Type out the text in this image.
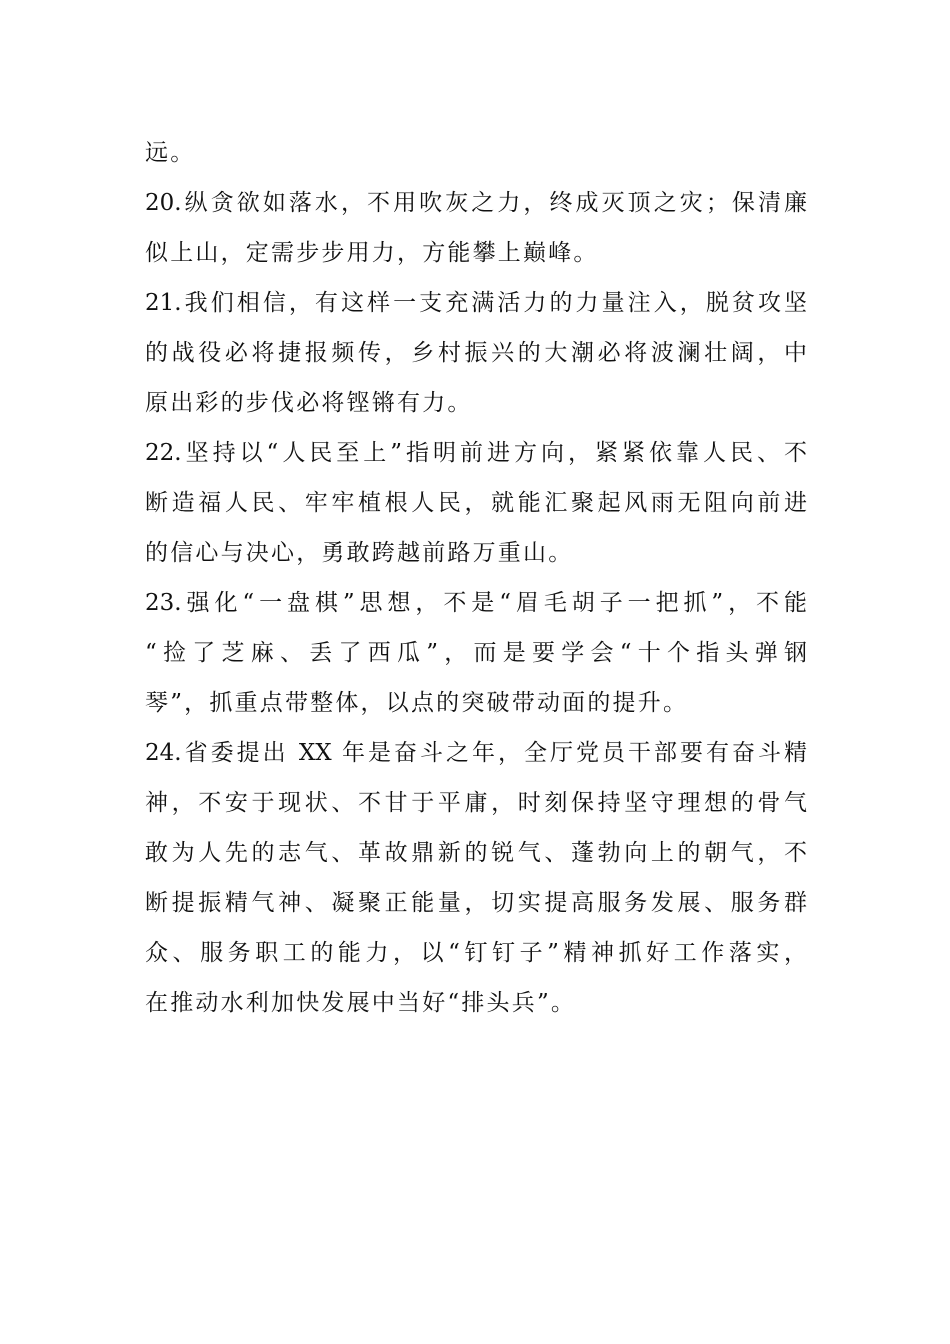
远。
20.纵贪欲如落水，不用吹灰之力，终成灭顶之灾；保清廉
似上山，定需步步用力，方能攀上巅峰。
21.我们相信，有这样一支充满活力的力量注入，脱贫攻坚
的战役必将捷报频传，乡村振兴的大潮必将波澜壮阔，中
原出彩的步伐必将铿锵有力。
22.坚持以“人民至上”指明前进方向，紧紧依靠人民、不
断造福人民、牢牢植根人民，就能汇聚起风雨无阻向前进
的信心与决心，勇敢跨越前路万重山。
23.强化“一盘棋”思想，不是“眉毛胡子一把抓”，不能
“捡了芝麻、丢了西瓜”，而是要学会“十个指头弹钢
琴”，抓重点带整体，以点的突破带动面的提升。
24.省委提出 XX 年是奋斗之年，全厅党员干部要有奋斗精
神，不安于现状、不甘于平庸，时刻保持坚守理想的骨气
敢为人先的志气、革故鼎新的锐气、蓬勃向上的朝气，不
断提振精气神、凝聚正能量，切实提高服务发展、服务群
众、服务职工的能力，以“钉钉子”精神抓好工作落实，
在推动水利加快发展中当好“排头兵”。
